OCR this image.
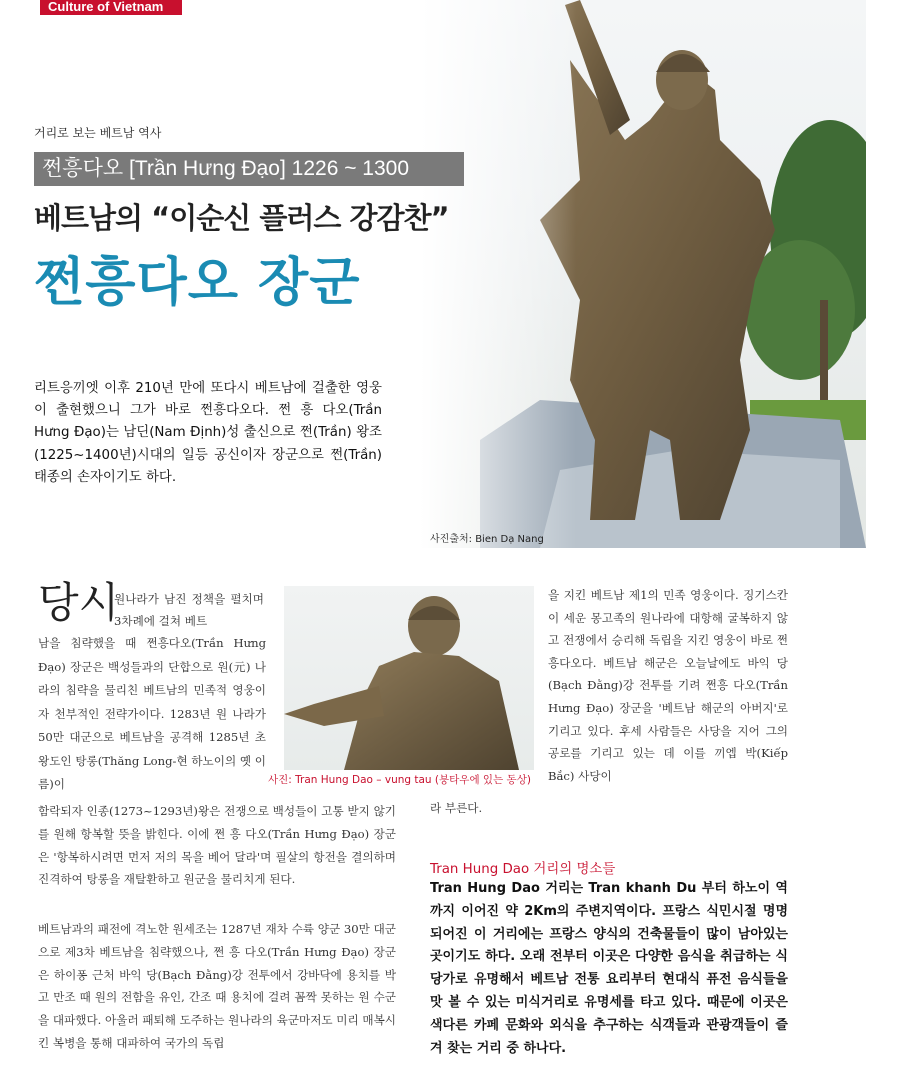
Culture of Vietnam
사진출처: Bien Dạ Nang
거리로 보는 베트남 역사
쩐흥다오 [Trần Hưng Đạo] 1226 ~ 1300
베트남의 “이순신 플러스 강감찬”
쩐흥다오 장군
리트응끼엣 이후 210년 만에 또다시 베트남에 걸출한 영웅이 출현했으니 그가 바로 쩐흥다오다. 쩐 흥 다오(Trần Hưng Đạo)는 남딘(Nam Định)성 출신으로 쩐(Trần) 왕조(1225~1400년)시대의 일등 공신이자 장군으로 쩐(Trần) 태종의 손자이기도 하다.
당시
원나라가 남진 정책을 펼치며 3차례에 걸쳐 베트
남을 침략했을 때 쩐흥다오(Trần Hưng Đạo) 장군은 백성들과의 단합으로 원(元) 나라의 침략을 물리친 베트남의 민족적 영웅이자 천부적인 전략가이다. 1283년 원 나라가 50만 대군으로 베트남을 공격해 1285년 초 왕도인 탕롱(Thăng Long-현 하노이의 옛 이름)이
함락되자 인종(1273~1293년)왕은 전쟁으로 백성들이 고통 받지 않기를 원해 항복할 뜻을 밝힌다. 이에 쩐 흥 다오(Trần Hưng Đạo) 장군은 '항복하시려면 먼저 저의 목을 베어 달라'며 필살의 항전을 결의하며 진격하여 탕롱을 재탈환하고 원군을 물리치게 된다.
베트남과의 패전에 격노한 원세조는 1287년 재차 수륙 양군 30만 대군으로 제3차 베트남을 침략했으나, 쩐 흥 다오(Trần Hưng Đạo) 장군은 하이퐁 근처 바익 당(Bạch Đằng)강 전투에서 강바닥에 용치를 박고 만조 때 원의 전함을 유인, 간조 때 용치에 걸려 꼼짝 못하는 원 수군을 대파했다. 아울러 패퇴해 도주하는 원나라의 육군마저도 미리 매복시킨 복병을 통해 대파하여 국가의 독립
사진: Tran Hung Dao – vung tau (붕타우에 있는 동상)
을 지킨 베트남 제1의 민족 영웅이다. 징기스칸이 세운 몽고족의 원나라에 대항해 굴복하지 않고 전쟁에서 승리해 독립을 지킨 영웅이 바로 쩐흥다오다. 베트남 해군은 오늘날에도 바익 당(Bạch Đằng)강 전투를 기려 쩐흥 다오(Trần Hưng Đạo) 장군을 '베트남 해군의 아버지'로 기리고 있다. 후세 사람들은 사당을 지어 그의 공로를 기리고 있는 데 이를 끼엡 박(Kiếp Bắc) 사당이
라 부른다.
Tran Hung Dao 거리의 명소들
Tran Hung Dao 거리는 Tran khanh Du 부터 하노이 역까지 이어진 약 2Km의 주변지역이다. 프랑스 식민시절 명명되어진 이 거리에는 프랑스 양식의 건축물들이 많이 남아있는 곳이기도 하다. 오래 전부터 이곳은 다양한 음식을 취급하는 식당가로 유명해서 베트남 전통 요리부터 현대식 퓨전 음식들을 맛 볼 수 있는 미식거리로 유명세를 타고 있다. 때문에 이곳은 색다른 카페 문화와 외식을 추구하는 식객들과 관광객들이 즐겨 찾는 거리 중 하나다.
